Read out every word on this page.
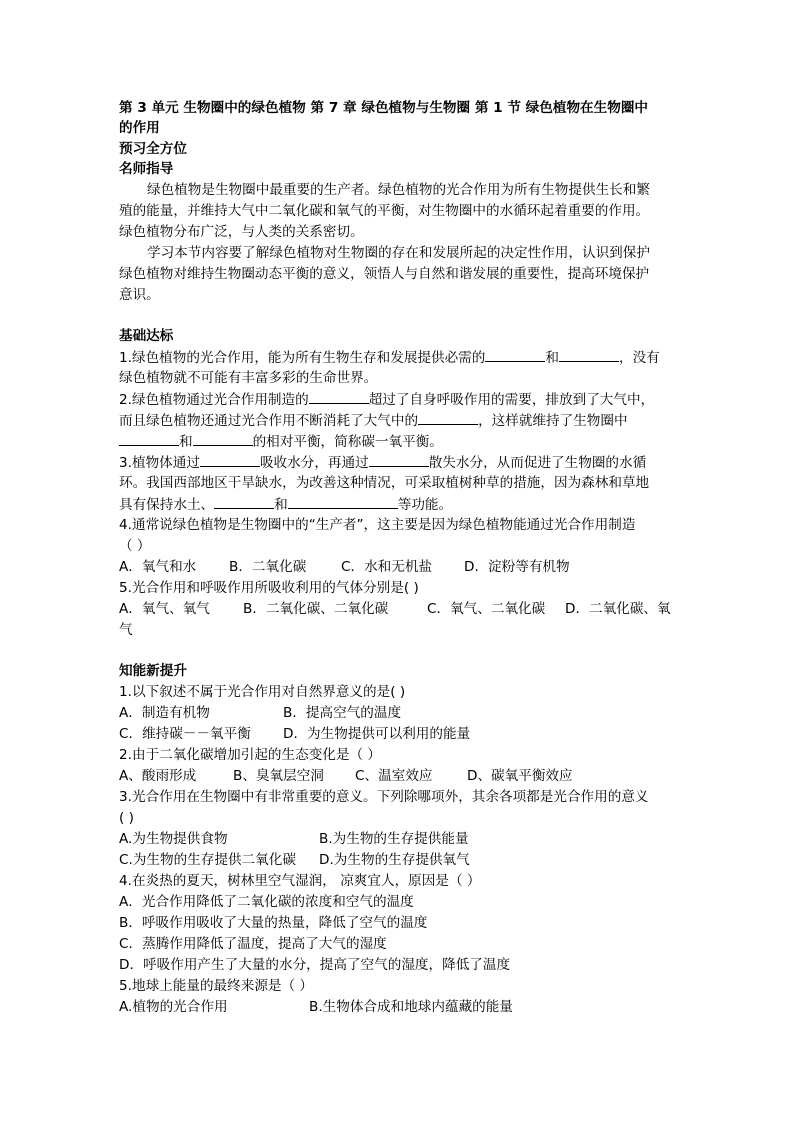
第 3 单元 生物圈中的绿色植物 第 7 章 绿色植物与生物圈 第 1 节 绿色植物在生物圈中
的作用
预习全方位
名师指导
绿色植物是生物圈中最重要的生产者。绿色植物的光合作用为所有生物提供生长和繁
殖的能量，并维持大气中二氧化碳和氧气的平衡，对生物圈中的水循环起着重要的作用。
绿色植物分布广泛，与人类的关系密切。
学习本节内容要了解绿色植物对生物圈的存在和发展所起的决定性作用，认识到保护
绿色植物对维持生物圈动态平衡的意义，领悟人与自然和谐发展的重要性，提高环境保护
意识。
基础达标
1.绿色植物的光合作用，能为所有生物生存和发展提供必需的	和	，没有
绿色植物就不可能有丰富多彩的生命世界。
2.绿色植物通过光合作用制造的	超过了自身呼吸作用的需要，排放到了大气中，
而且绿色植物还通过光合作用不断消耗了大气中的	，这样就维持了生物圈中
和	的相对平衡，简称碳一氧平衡。
3.植物体通过	吸收水分，再通过	散失水分，从而促进了生物圈的水循
环。我国西部地区干旱缺水，为改善这种情况，可采取植树种草的措施，因为森林和草地
具有保持水土、	和	等功能。
4.通常说绿色植物是生物圈中的“生产者”，这主要是因为绿色植物能通过光合作用制造
（ ）
A．氧气和水 B．二氧化碳	C．水和无机盐 D．淀粉等有机物
5.光合作用和呼吸作用所吸收利用的气体分别是( )
A．氧气、氧气 B．二氧化碳、二氧化碳	C．氧气、二氧化碳 D．二氧化碳、氧
气
知能新提升
1.以下叙述不属于光合作用对自然界意义的是( )
A．制造有机物	B．提高空气的温度
C．维持碳－－氧平衡 D．为生物提供可以利用的能量
2.由于二氧化碳增加引起的生态变化是（ ）
A、酸雨形成	B、臭氧层空洞 C、温室效应	D、碳氧平衡效应
3.光合作用在生物圈中有非常重要的意义。下列除哪项外，其余各项都是光合作用的意义
( )
A.为生物提供食物	B.为生物的生存提供能量
C.为生物的生存提供二氧化碳 D.为生物的生存提供氧气
4.在炎热的夏天，树林里空气湿润， 凉爽宜人，原因是（ ）
A．光合作用降低了二氧化碳的浓度和空气的温度
B．呼吸作用吸收了大量的热量，降低了空气的温度
C．蒸腾作用降低了温度，提高了大气的湿度
D．呼吸作用产生了大量的水分，提高了空气的湿度，降低了温度
5.地球上能量的最终来源是（ ）
A.植物的光合作用	B.生物体合成和地球内蕴藏的能量
